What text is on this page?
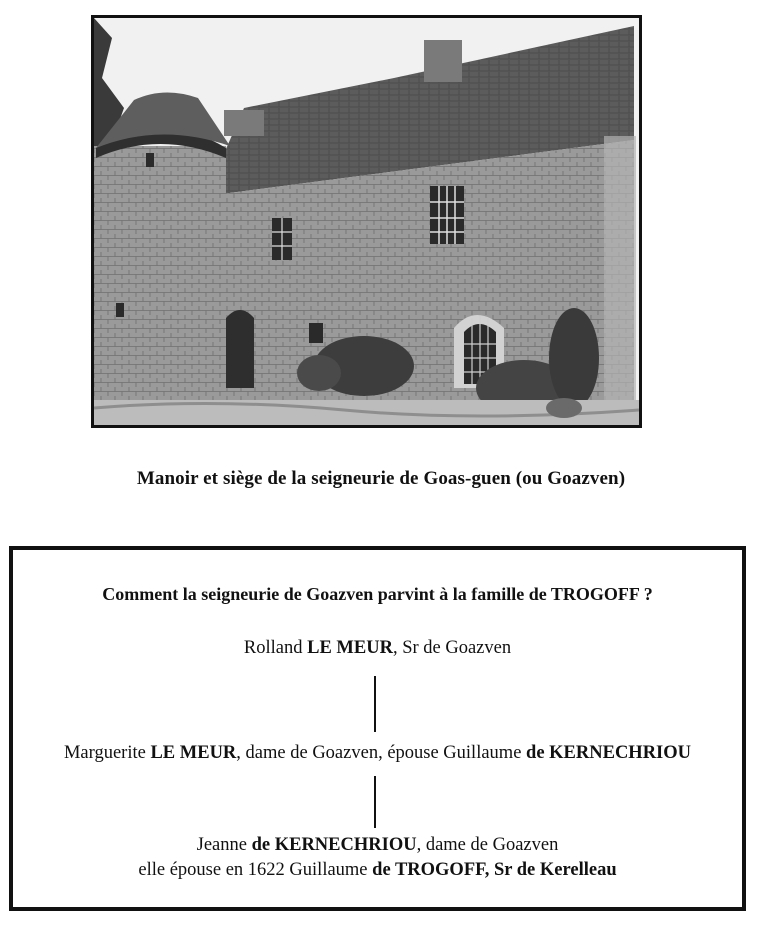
Manoir et siège de la seigneurie de Goas-guen (ou Goazven)
Comment la seigneurie de Goazven parvint à la famille de TROGOFF ?
Rolland LE MEUR, Sr de Goazven
Marguerite LE MEUR, dame de Goazven, épouse Guillaume de KERNECHRIOU
Jeanne de KERNECHRIOU, dame de Goazven
elle épouse en 1622 Guillaume de TROGOFF, Sr de Kerelleau
